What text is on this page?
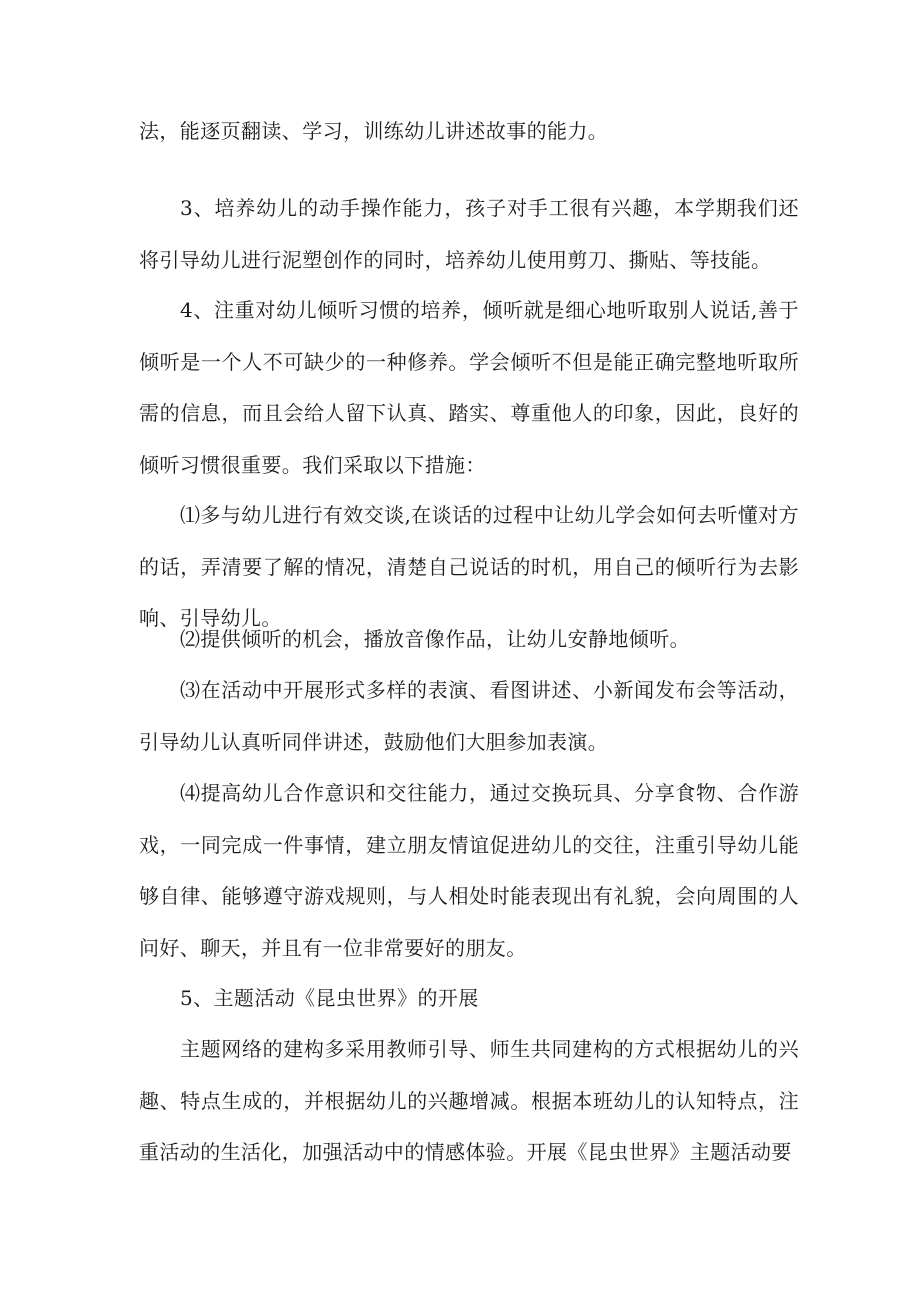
法，能逐页翻读、学习，训练幼儿讲述故事的能力。

3、培养幼儿的动手操作能力，孩子对手工很有兴趣，本学期我们还将引导幼儿进行泥塑创作的同时，培养幼儿使用剪刀、撕贴、等技能。

4、注重对幼儿倾听习惯的培养，倾听就是细心地听取别人说话,善于倾听是一个人不可缺少的一种修养。学会倾听不但是能正确完整地听取所需的信息，而且会给人留下认真、踏实、尊重他人的印象，因此，良好的倾听习惯很重要。我们采取以下措施：

⑴多与幼儿进行有效交谈,在谈话的过程中让幼儿学会如何去听懂对方的话，弄清要了解的情况，清楚自己说话的时机，用自己的倾听行为去影响、引导幼儿。

⑵提供倾听的机会，播放音像作品，让幼儿安静地倾听。

⑶在活动中开展形式多样的表演、看图讲述、小新闻发布会等活动，引导幼儿认真听同伴讲述，鼓励他们大胆参加表演。

⑷提高幼儿合作意识和交往能力，通过交换玩具、分享食物、合作游戏，一同完成一件事情，建立朋友情谊促进幼儿的交往，注重引导幼儿能够自律、能够遵守游戏规则，与人相处时能表现出有礼貌，会向周围的人问好、聊天，并且有一位非常要好的朋友。

5、主题活动《昆虫世界》的开展

主题网络的建构多采用教师引导、师生共同建构的方式根据幼儿的兴趣、特点生成的，并根据幼儿的兴趣增减。根据本班幼儿的认知特点，注重活动的生活化，加强活动中的情感体验。开展《昆虫世界》主题活动要
